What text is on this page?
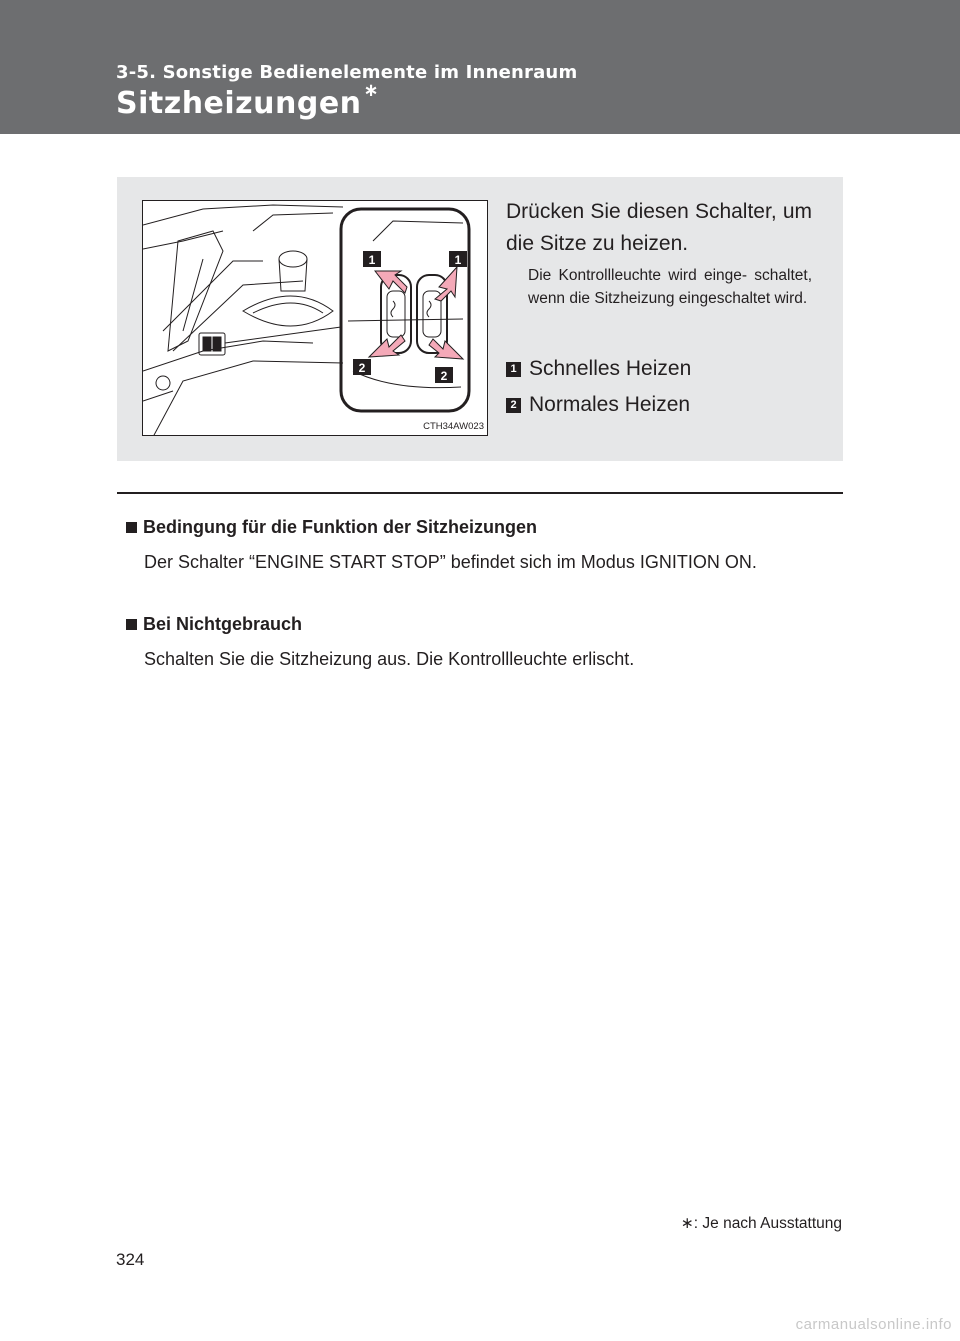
3-5. Sonstige Bedienelemente im Innenraum
Sitzheizungen ∗
1	1
2
2
CTH34AW023
Drücken Sie diesen Schalter, um die Sitze zu heizen.
Die Kontrollleuchte wird einge- schaltet, wenn die Sitzheizung eingeschaltet wird.
1 Schnelles Heizen
2 Normales Heizen
Bedingung für die Funktion der Sitzheizungen
Der Schalter “ENGINE START STOP” befindet sich im Modus IGNITION ON.
Bei Nichtgebrauch
Schalten Sie die Sitzheizung aus. Die Kontrollleuchte erlischt.
∗: Je nach Ausstattung
324
carmanualsonline.info
